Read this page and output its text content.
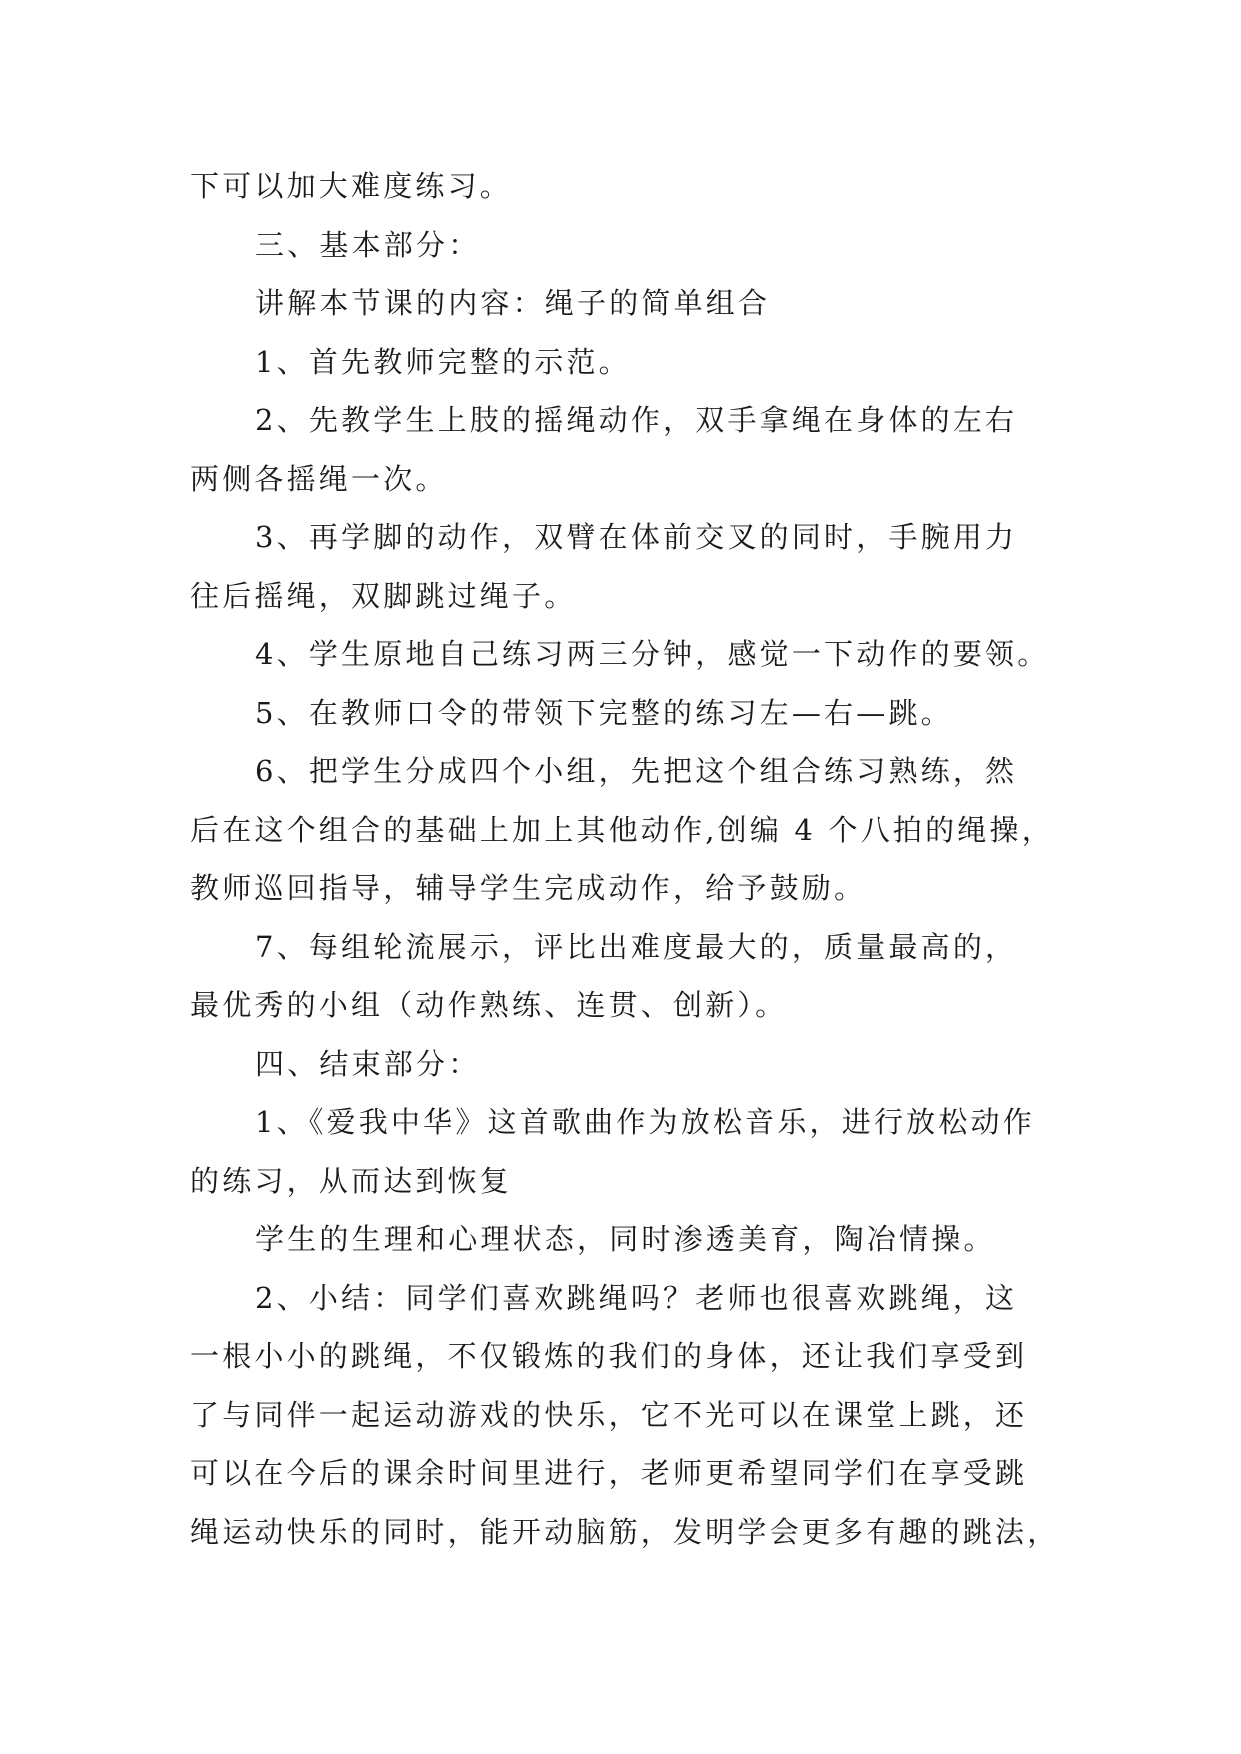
下可以加大难度练习。
三、基本部分：
讲解本节课的内容：绳子的简单组合
1、首先教师完整的示范。
2、先教学生上肢的摇绳动作，双手拿绳在身体的左右
两侧各摇绳一次。
3、再学脚的动作，双臂在体前交叉的同时，手腕用力
往后摇绳，双脚跳过绳子。
4、学生原地自己练习两三分钟，感觉一下动作的要领。
5、在教师口令的带领下完整的练习左—右—跳。
6、把学生分成四个小组，先把这个组合练习熟练，然
后在这个组合的基础上加上其他动作,创编 4 个八拍的绳操，
教师巡回指导，辅导学生完成动作，给予鼓励。
7、每组轮流展示，评比出难度最大的，质量最高的，
最优秀的小组（动作熟练、连贯、创新）。
四、结束部分：
1、《爱我中华》这首歌曲作为放松音乐，进行放松动作
的练习，从而达到恢复
学生的生理和心理状态，同时渗透美育，陶冶情操。
2、小结：同学们喜欢跳绳吗？老师也很喜欢跳绳，这
一根小小的跳绳，不仅锻炼的我们的身体，还让我们享受到
了与同伴一起运动游戏的快乐，它不光可以在课堂上跳，还
可以在今后的课余时间里进行，老师更希望同学们在享受跳
绳运动快乐的同时，能开动脑筋，发明学会更多有趣的跳法，
